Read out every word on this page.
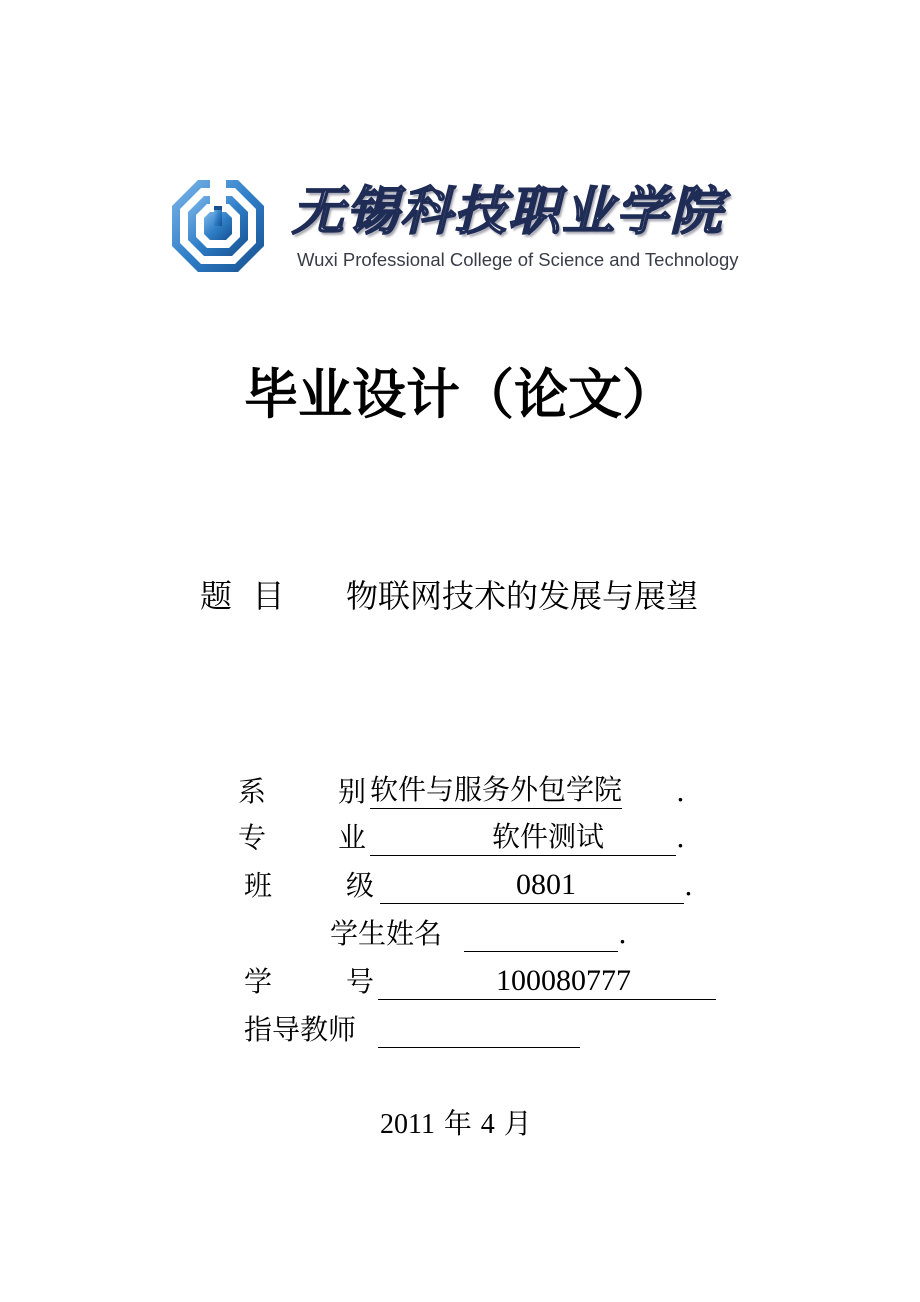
无锡科技职业学院
Wuxi Professional College of Science and Technology
毕业设计（论文）
题  目 物联网技术的发展与展望
系	别 软件与服务外包学院 .
专	业	软件测试	.
班	级	0801	.
学生姓名	.
学	号	100080777
指导教师
2011 年 4 月
